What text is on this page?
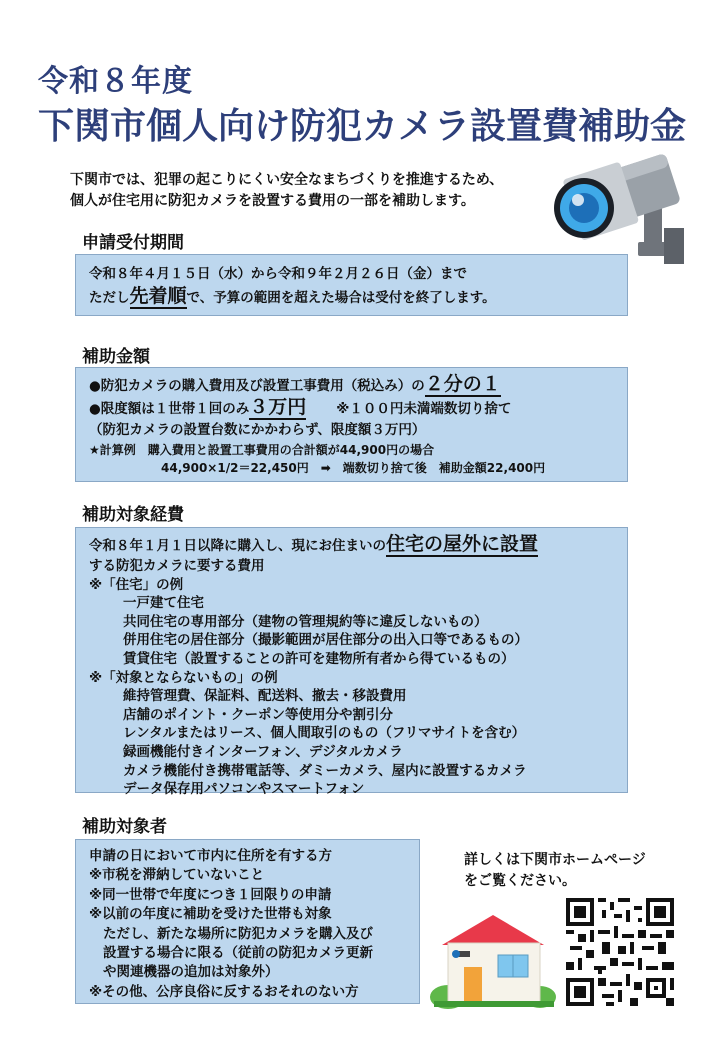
令和８年度
下関市個人向け防犯カメラ設置費補助金
下関市では、犯罪の起こりにくい安全なまちづくりを推進するため、
個人が住宅用に防犯カメラを設置する費用の一部を補助します。
申請受付期間
令和８年４月１５日（水）から令和９年２月２６日（金）まで
ただし先着順で、予算の範囲を超えた場合は受付を終了します。
補助金額
●防犯カメラの購入費用及び設置工事費用（税込み）の２分の１
●限度額は１世帯１回のみ３万円 ※１００円未満端数切り捨て
（防犯カメラの設置台数にかかわらず、限度額３万円）
★計算例　購入費用と設置工事費用の合計額が44,900円の場合
44,900×1/2＝22,450円　➡　端数切り捨て後　補助金額22,400円
補助対象経費
令和８年１月１日以降に購入し、現にお住まいの住宅の屋外に設置
する防犯カメラに要する費用
※「住宅」の例
一戸建て住宅
共同住宅の専用部分（建物の管理規約等に違反しないもの）
併用住宅の居住部分（撮影範囲が居住部分の出入口等であるもの）
賃貸住宅（設置することの許可を建物所有者から得ているもの）
※「対象とならないもの」の例
維持管理費、保証料、配送料、撤去・移設費用
店舗のポイント・クーポン等使用分や割引分
レンタルまたはリース、個人間取引のもの（フリマサイトを含む）
録画機能付きインターフォン、デジタルカメラ
カメラ機能付き携帯電話等、ダミーカメラ、屋内に設置するカメラ
データ保存用パソコンやスマートフォン
補助対象者
申請の日において市内に住所を有する方
※市税を滞納していないこと
※同一世帯で年度につき１回限りの申請
※以前の年度に補助を受けた世帯も対象
ただし、新たな場所に防犯カメラを購入及び
設置する場合に限る（従前の防犯カメラ更新
や関連機器の追加は対象外）
※その他、公序良俗に反するおそれのない方
詳しくは下関市ホームページ
をご覧ください。
